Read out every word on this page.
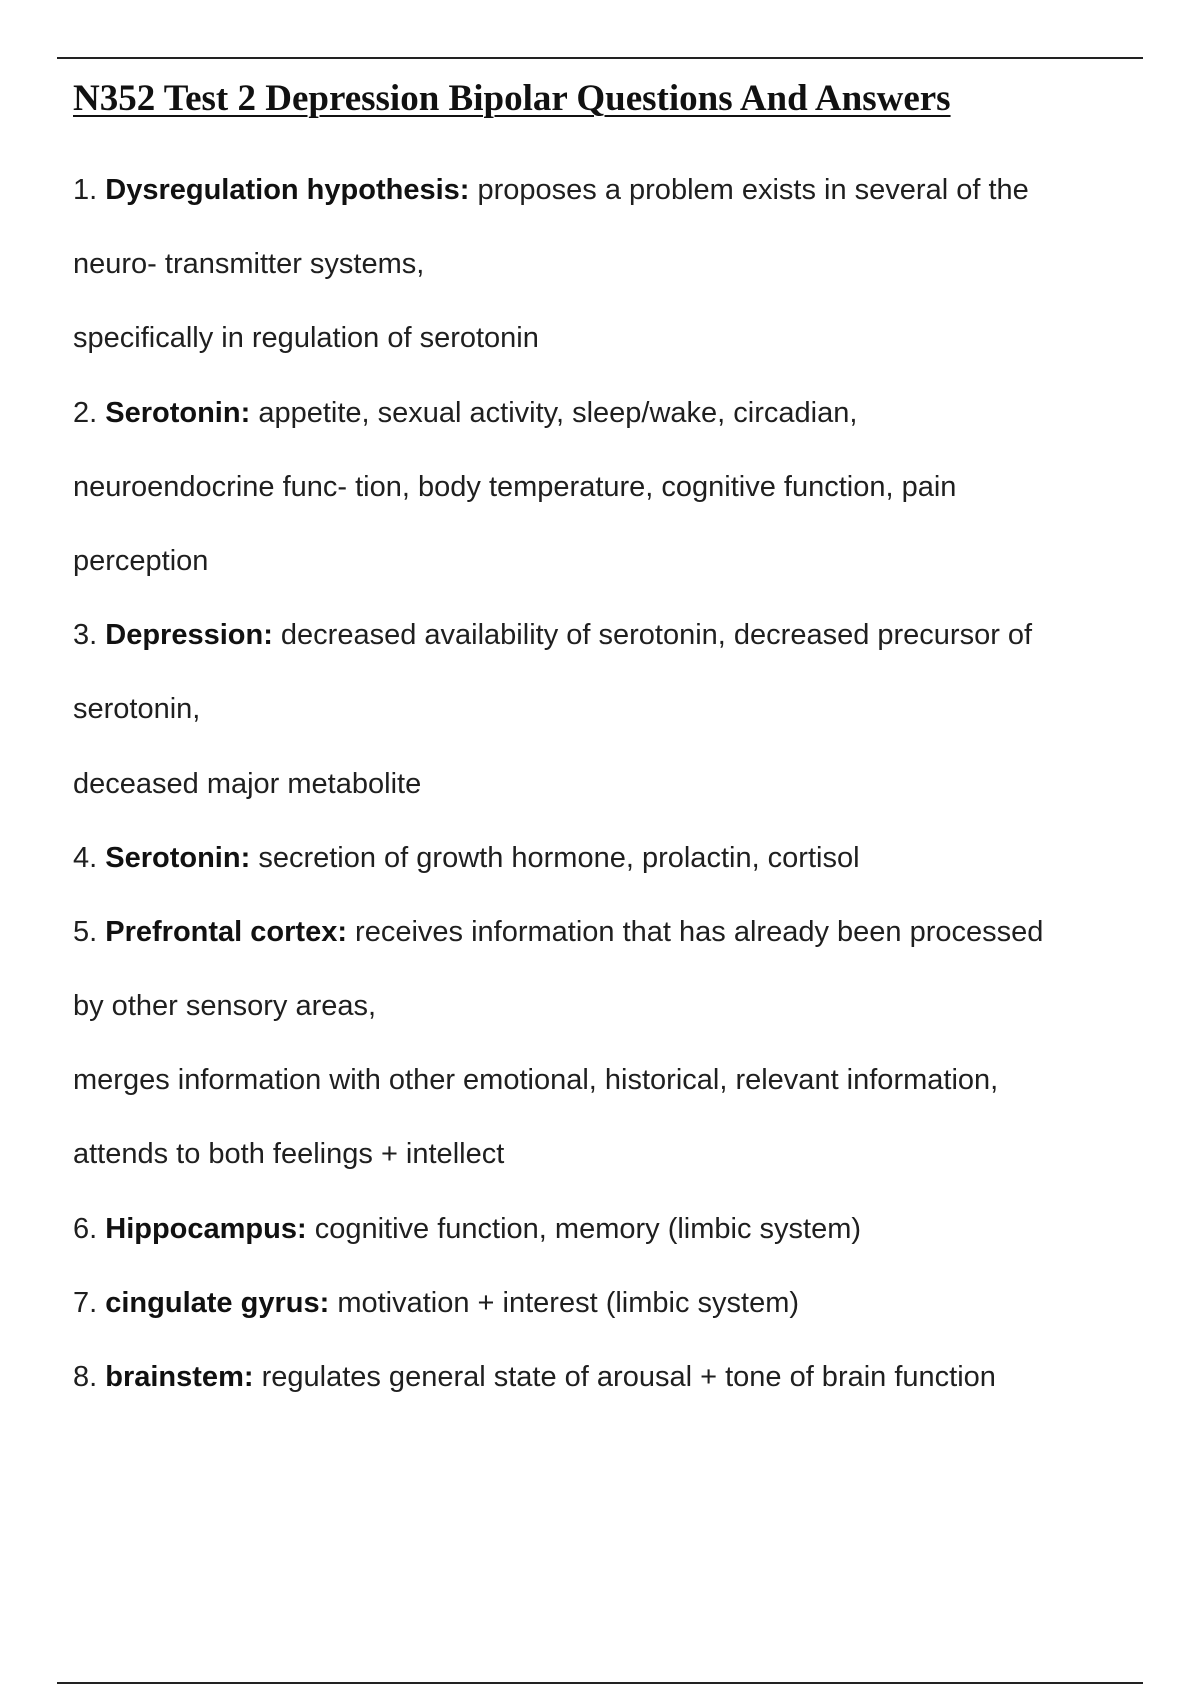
N352 Test 2 Depression Bipolar Questions And Answers
1. Dysregulation hypothesis: proposes a problem exists in several of the
neuro- transmitter systems,
specifically in regulation of serotonin
2. Serotonin: appetite, sexual activity, sleep/wake, circadian,
neuroendocrine func- tion, body temperature, cognitive function, pain
perception
3. Depression: decreased availability of serotonin, decreased precursor of
serotonin,
deceased major metabolite
4. Serotonin: secretion of growth hormone, prolactin, cortisol
5. Prefrontal cortex: receives information that has already been processed
by other sensory areas,
merges information with other emotional, historical, relevant information,
attends to both feelings + intellect
6. Hippocampus: cognitive function, memory (limbic system)
7. cingulate gyrus: motivation + interest (limbic system)
8. brainstem: regulates general state of arousal + tone of brain function
